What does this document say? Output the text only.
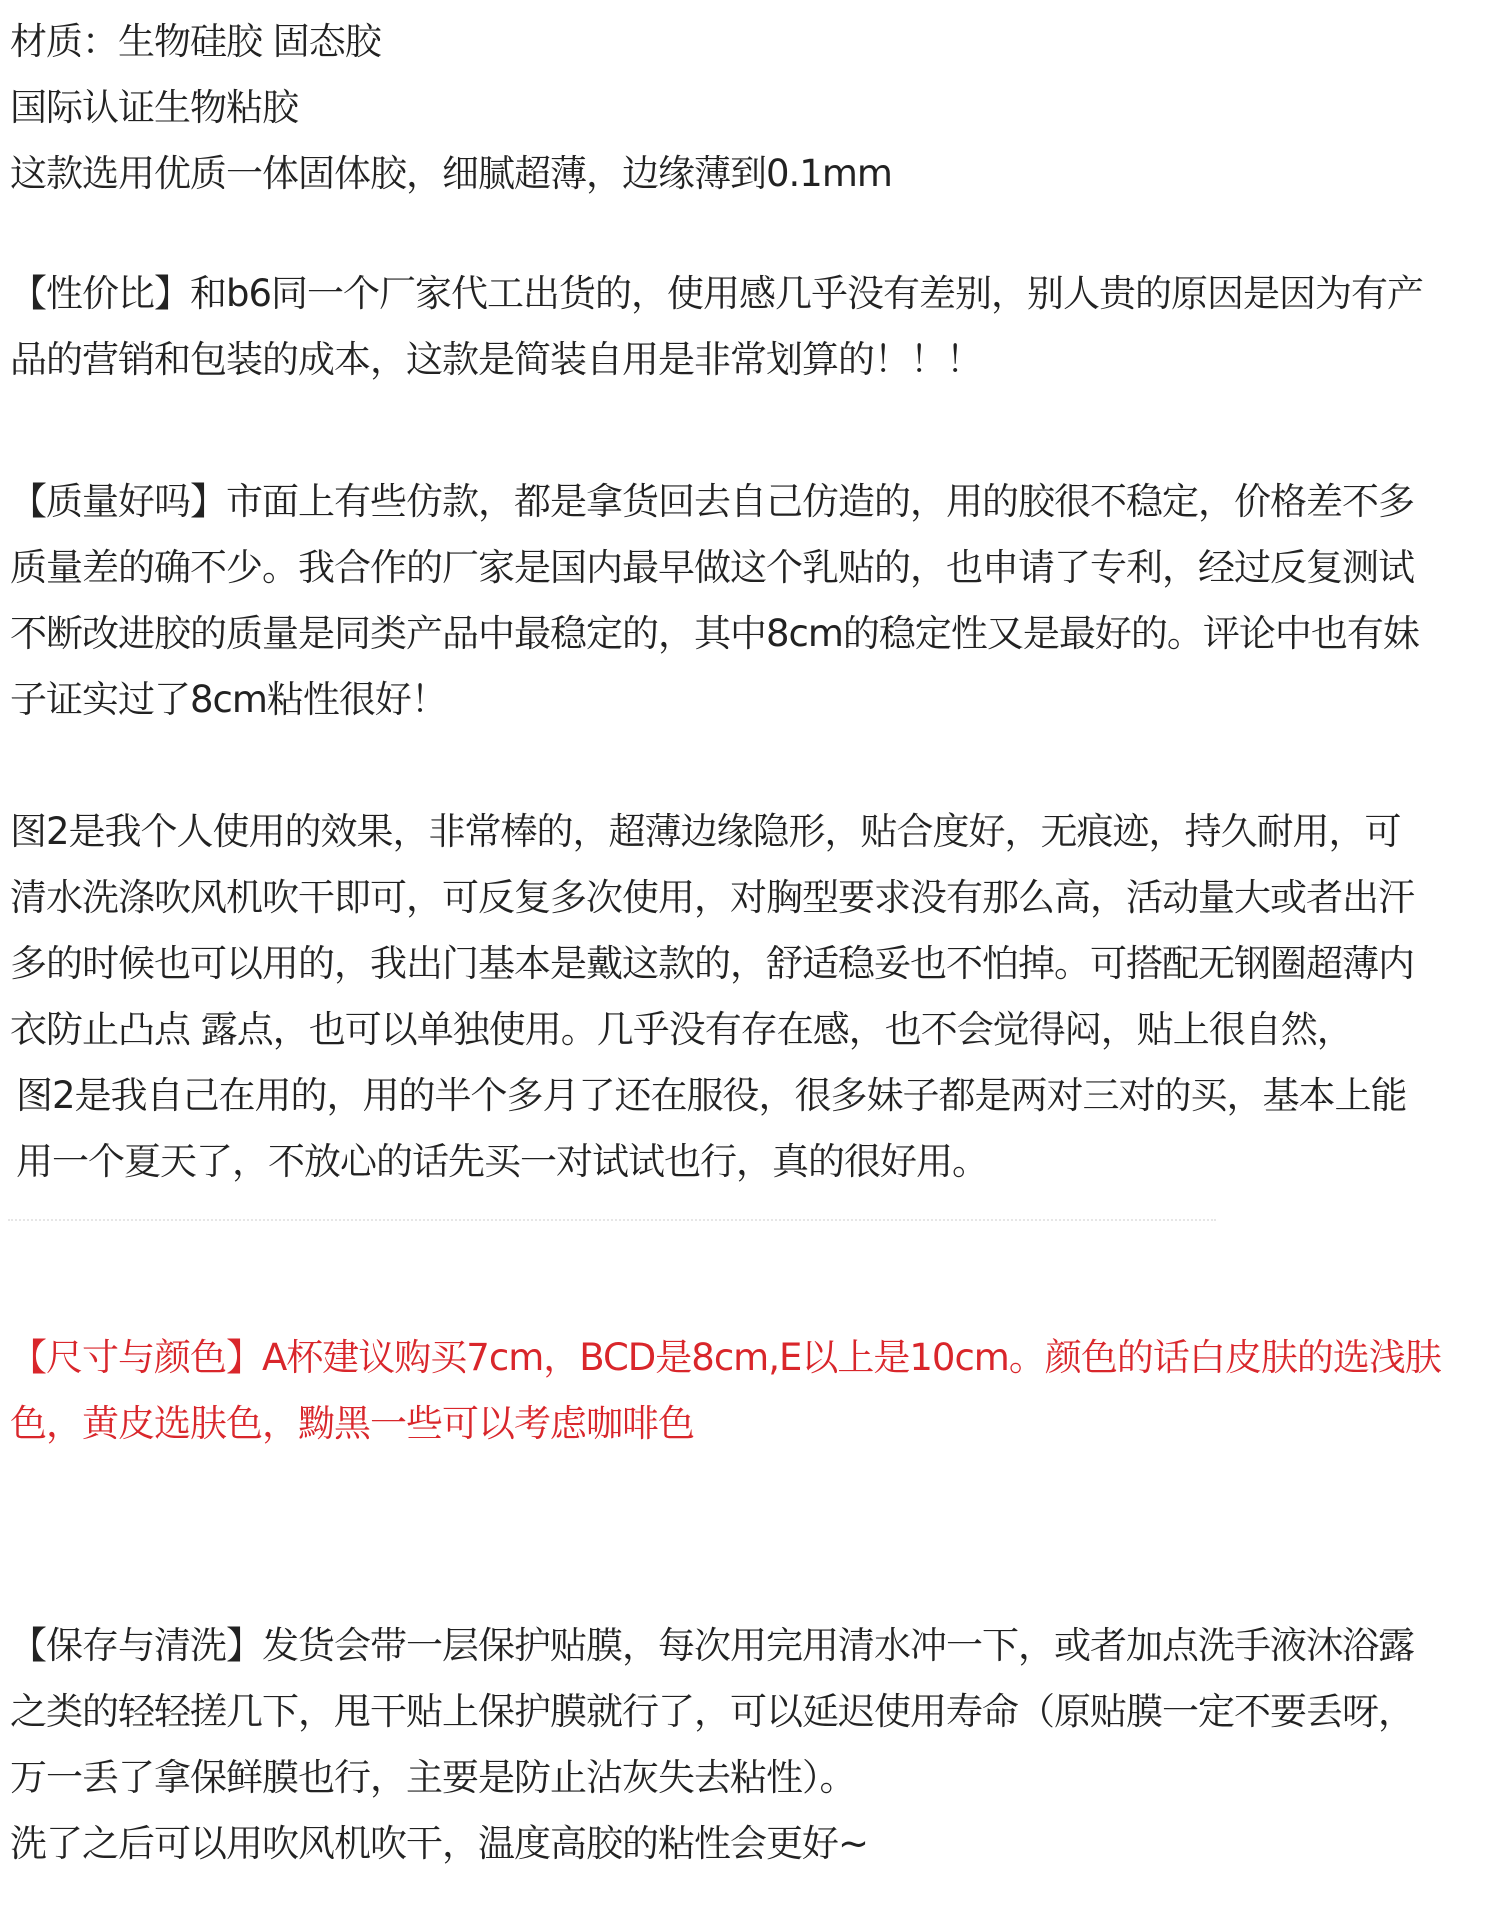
材质：生物硅胶 固态胶
国际认证生物粘胶
这款选用优质一体固体胶，细腻超薄，边缘薄到0.1mm
【性价比】和b6同一个厂家代工出货的，使用感几乎没有差别，别人贵的原因是因为有产
品的营销和包装的成本，这款是简装自用是非常划算的！！！
【质量好吗】市面上有些仿款，都是拿货回去自己仿造的，用的胶很不稳定，价格差不多
质量差的确不少。我合作的厂家是国内最早做这个乳贴的，也申请了专利，经过反复测试
不断改进胶的质量是同类产品中最稳定的，其中8cm的稳定性又是最好的。评论中也有妹
子证实过了8cm粘性很好！
图2是我个人使用的效果，非常棒的，超薄边缘隐形，贴合度好，无痕迹，持久耐用，可
清水洗涤吹风机吹干即可，可反复多次使用，对胸型要求没有那么高，活动量大或者出汗
多的时候也可以用的，我出门基本是戴这款的，舒适稳妥也不怕掉。可搭配无钢圈超薄内
衣防止凸点 露点，也可以单独使用。几乎没有存在感，也不会觉得闷，贴上很自然，
图2是我自己在用的，用的半个多月了还在服役，很多妹子都是两对三对的买，基本上能
用一个夏天了，不放心的话先买一对试试也行，真的很好用。
【尺寸与颜色】A杯建议购买7cm，BCD是8cm,E以上是10cm。颜色的话白皮肤的选浅肤
色，黄皮选肤色，黝黑一些可以考虑咖啡色
【保存与清洗】发货会带一层保护贴膜，每次用完用清水冲一下，或者加点洗手液沐浴露
之类的轻轻搓几下，甩干贴上保护膜就行了，可以延迟使用寿命（原贴膜一定不要丢呀，
万一丢了拿保鲜膜也行，主要是防止沾灰失去粘性）。
洗了之后可以用吹风机吹干，温度高胶的粘性会更好~
